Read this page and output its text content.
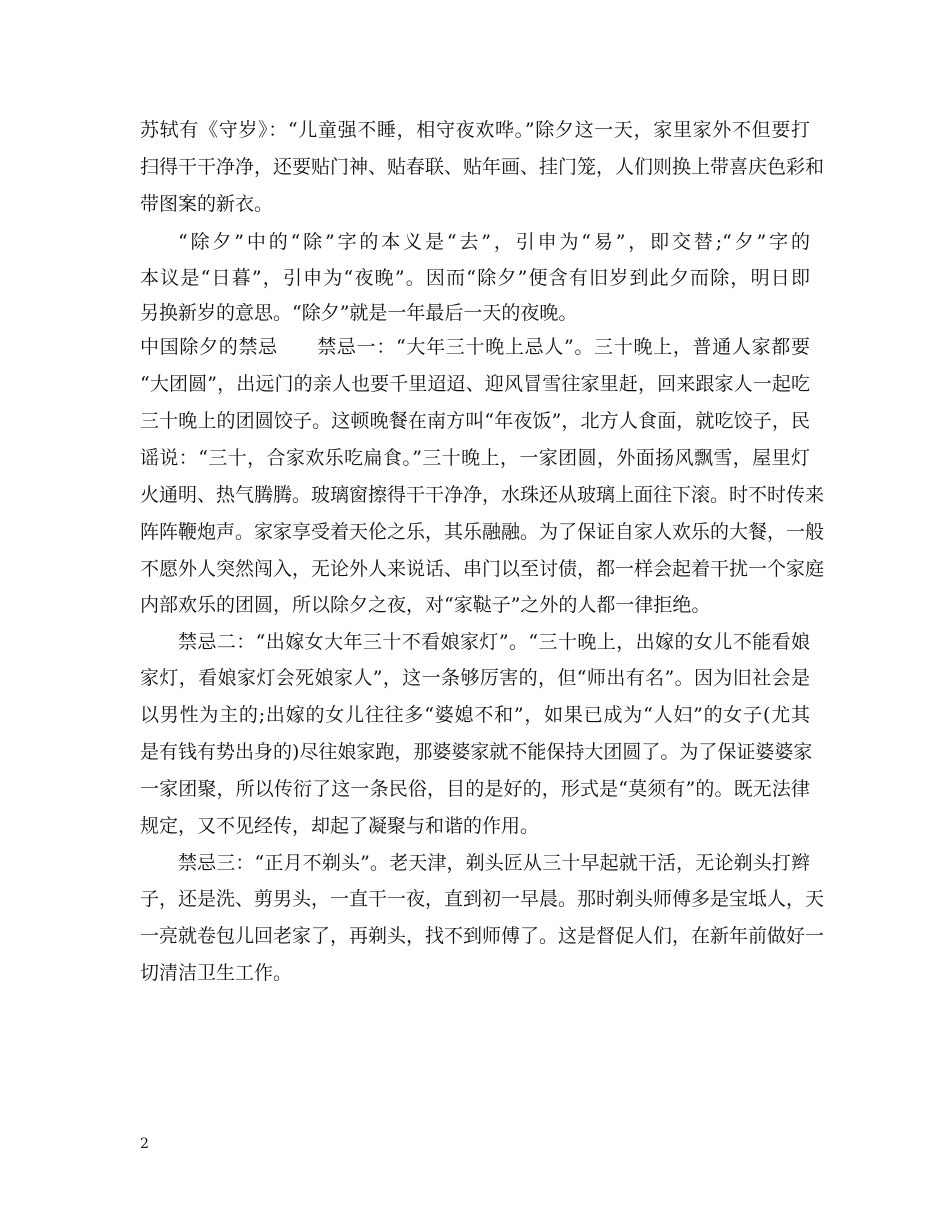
苏轼有《守岁》：“儿童强不睡，相守夜欢哗。”除夕这一天，家里家外不但要打
扫得干干净净，还要贴门神、贴春联、贴年画、挂门笼，人们则换上带喜庆色彩和
带图案的新衣。
“除夕”中的“除”字的本义是“去”，引申为“易”，即交替;“夕”字的
本议是“日暮”，引申为“夜晚”。因而“除夕”便含有旧岁到此夕而除，明日即
另换新岁的意思。“除夕”就是一年最后一天的夜晚。
中国除夕的禁忌　　禁忌一：“大年三十晚上忌人”。三十晚上，普通人家都要
“大团圆”，出远门的亲人也要千里迢迢、迎风冒雪往家里赶，回来跟家人一起吃
三十晚上的团圆饺子。这顿晚餐在南方叫“年夜饭”，北方人食面，就吃饺子，民
谣说：“三十，合家欢乐吃扁食。”三十晚上，一家团圆，外面扬风飘雪，屋里灯
火通明、热气腾腾。玻璃窗擦得干干净净，水珠还从玻璃上面往下滚。时不时传来
阵阵鞭炮声。家家享受着天伦之乐，其乐融融。为了保证自家人欢乐的大餐，一般
不愿外人突然闯入，无论外人来说话、串门以至讨债，都一样会起着干扰一个家庭
内部欢乐的团圆，所以除夕之夜，对“家鞑子”之外的人都一律拒绝。
禁忌二：“出嫁女大年三十不看娘家灯”。“三十晚上，出嫁的女儿不能看娘
家灯，看娘家灯会死娘家人”，这一条够厉害的，但“师出有名”。因为旧社会是
以男性为主的;出嫁的女儿往往多“婆媳不和”，如果已成为“人妇”的女子(尤其
是有钱有势出身的)尽往娘家跑，那婆婆家就不能保持大团圆了。为了保证婆婆家
一家团聚，所以传衍了这一条民俗，目的是好的，形式是“莫须有”的。既无法律
规定，又不见经传，却起了凝聚与和谐的作用。
禁忌三：“正月不剃头”。老天津，剃头匠从三十早起就干活，无论剃头打辫
子，还是洗、剪男头，一直干一夜，直到初一早晨。那时剃头师傅多是宝坻人，天
一亮就卷包儿回老家了，再剃头，找不到师傅了。这是督促人们，在新年前做好一
切清洁卫生工作。
2
